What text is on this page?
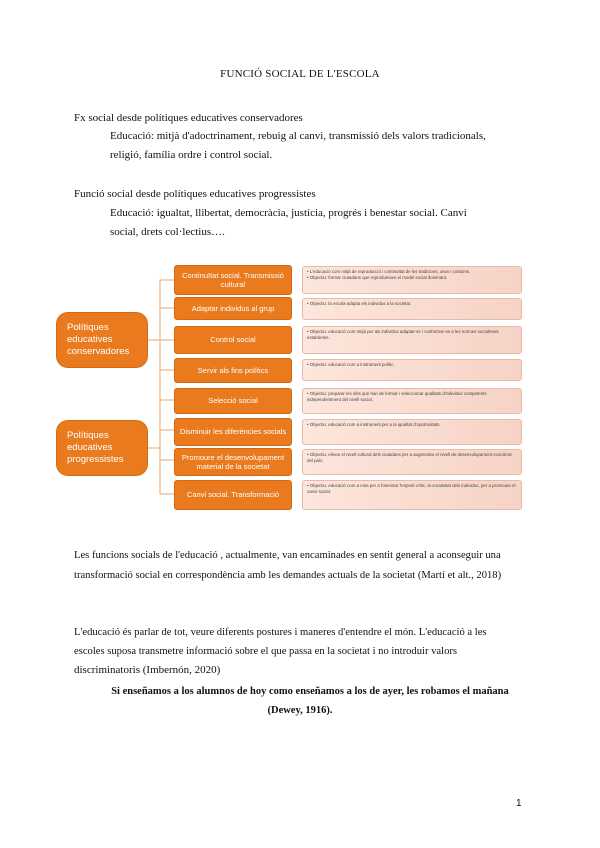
FUNCIÓ SOCIAL DE L'ESCOLA
Fx social desde polítiques educatives conservadores
Educació: mitjà d'adoctrinament, rebuig al canvi, transmissió dels valors tradicionals,
religió, família ordre i control social.
Funció social desde polítiques educatives progressistes
Educació: igualtat, llibertat, democràcia, justícia, progrés i benestar social. Canvi
social, drets col·lectius….
Polítiques educatives conservadores
Polítiques educatives progressistes
Continuïtat social. Transmissió cultural
Adaptar individus al grup
Control social
Servir als fins polítics
Selecció social
Disminuir les diferències socials
Promoure el desenvolupament material de la societat
Canvi social. Transformació
• L'educació com mitjà de reproducció i continuïtat de les tradicions, usos i costums.
• Objectiu: formar ciutadans que reprodueixen el model social dominant.
• Objectiu: la escola adapta els individus a la societat.
• Objectiu: educació com mitjà per als individus adaptar-se i conformar-se a les normes socialment establertes.
• Objectiu: educació com a instrument polític.
• Objectiu: preparar les elits que han de formar i seleccionar qualitats d'individus competents independentment del nivell social.
• Objectiu: educació com a instrument per a la igualtat d'oportunitats.
• Objectiu: elevar el nivell cultural dels ciutadans per a augmentar el nivell de desenvolupament econòmic del país.
• Objectiu: educació com a eina per a fomentar l'esperit crític, la creativitat dels individus, per a promoure el canvi social.
Les funcions socials de l'educació , actualmente, van encaminades en sentit general a aconseguir una
transformació social en correspondència amb les demandes actuals de la societat (Martí et alt., 2018)
L'educació és parlar de tot, veure diferents postures i maneres d'entendre el món. L'educació a les
escoles suposa transmetre informació sobre el que passa en la societat i no introduir valors
discriminatoris (Imbernón, 2020)
Si enseñamos a los alumnos de hoy como enseñamos a los de ayer, les robamos el mañana
(Dewey, 1916).
1
